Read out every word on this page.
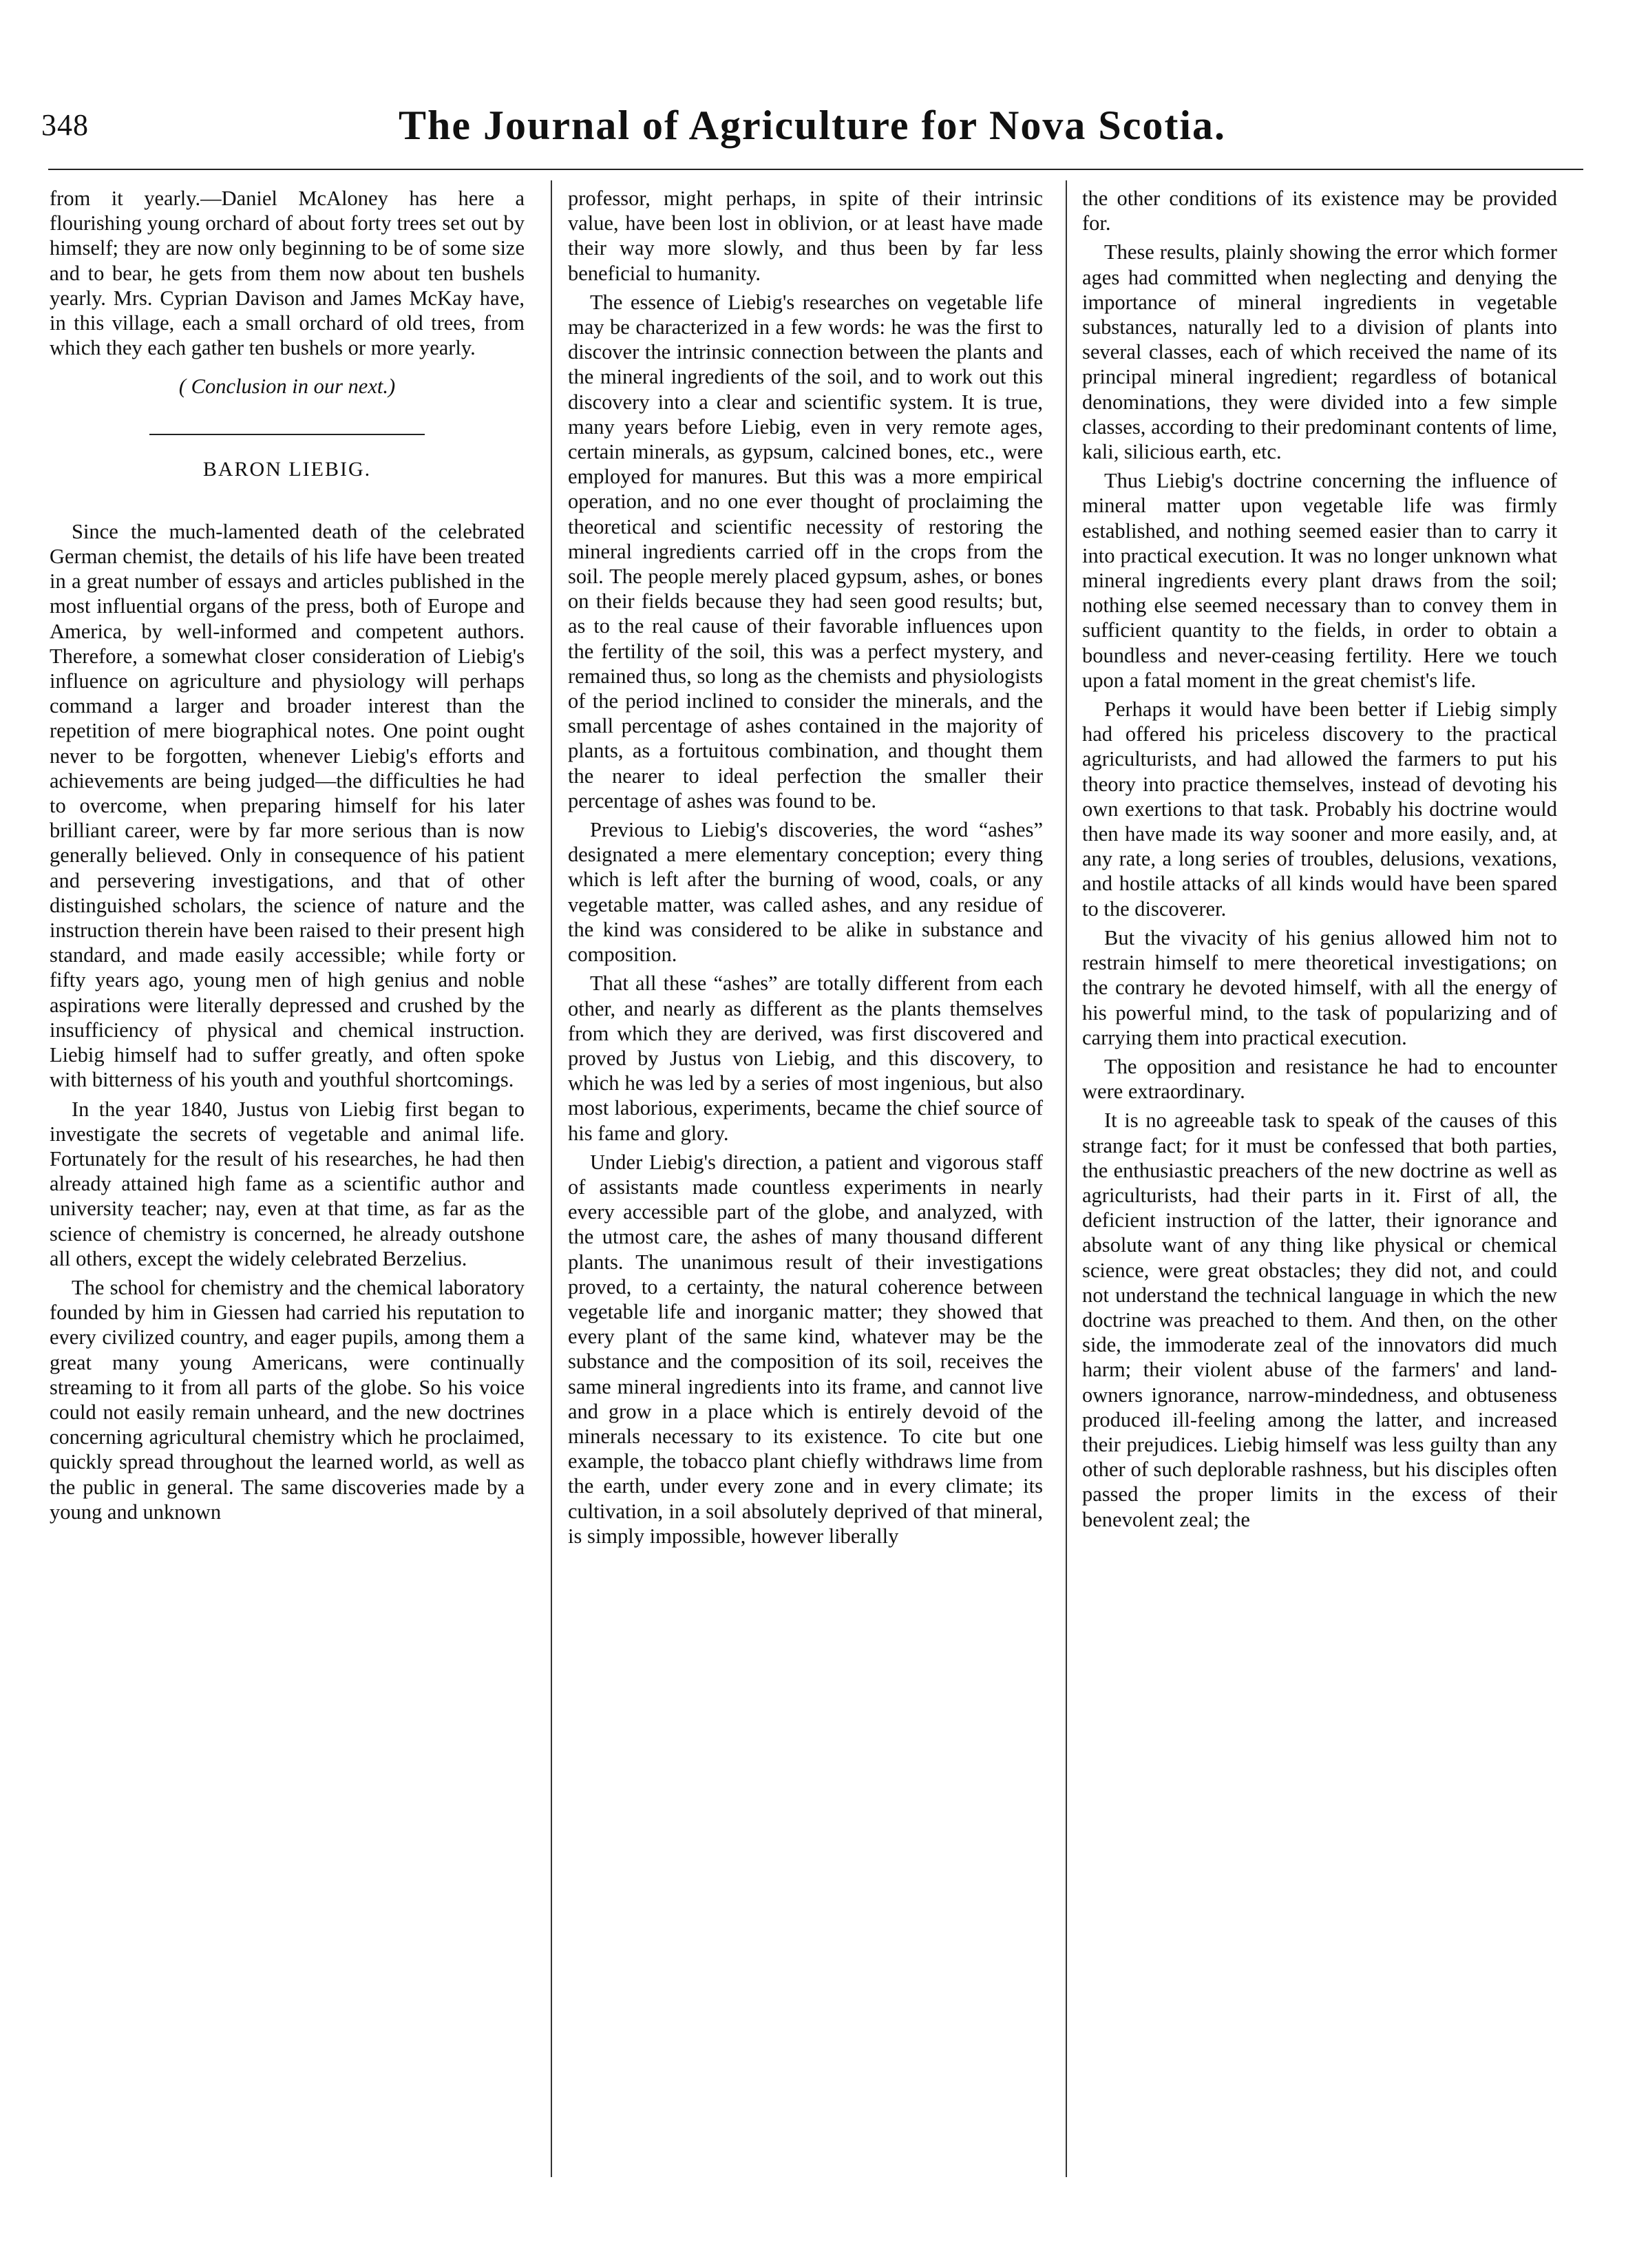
348	The Journal of Agriculture for Nova Scotia.

from it yearly.—Daniel McAloney has here a flourishing young orchard of about forty trees set out by himself; they are now only beginning to be of some size and to bear, he gets from them now about ten bushels yearly. Mrs. Cyprian Davison and James McKay have, in this village, each a small orchard of old trees, from which they each gather ten bushels or more yearly.

( Conclusion in our next.)
BARON LIEBIG.

Since the much-lamented death of the celebrated German chemist, the details of his life have been treated in a great number of essays and articles published in the most influential organs of the press, both of Europe and America, by well-informed and competent authors. Therefore, a somewhat closer consideration of Liebig's influence on agriculture and physiology will perhaps command a larger and broader interest than the repetition of mere biographical notes. One point ought never to be forgotten, whenever Liebig's efforts and achievements are being judged—the difficulties he had to overcome, when preparing himself for his later brilliant career, were by far more serious than is now generally believed. Only in consequence of his patient and persevering investigations, and that of other distinguished scholars, the science of nature and the instruction therein have been raised to their present high standard, and made easily accessible; while forty or fifty years ago, young men of high genius and noble aspirations were literally depressed and crushed by the insufficiency of physical and chemical instruction. Liebig himself had to suffer greatly, and often spoke with bitterness of his youth and youthful shortcomings.

In the year 1840, Justus von Liebig first began to investigate the secrets of vegetable and animal life. Fortunately for the result of his researches, he had then already attained high fame as a scientific author and university teacher; nay, even at that time, as far as the science of chemistry is concerned, he already outshone all others, except the widely celebrated Berzelius.

The school for chemistry and the chemical laboratory founded by him in Giessen had carried his reputation to every civilized country, and eager pupils, among them a great many young Americans, were continually streaming to it from all parts of the globe. So his voice could not easily remain unheard, and the new doctrines concerning agricultural chemistry which he proclaimed, quickly spread throughout the learned world, as well as the public in general. The same discoveries made by a young and unknown

professor, might perhaps, in spite of their intrinsic value, have been lost in oblivion, or at least have made their way more slowly, and thus been by far less beneficial to humanity.

The essence of Liebig's researches on vegetable life may be characterized in a few words: he was the first to discover the intrinsic connection between the plants and the mineral ingredients of the soil, and to work out this discovery into a clear and scientific system. It is true, many years before Liebig, even in very remote ages, certain minerals, as gypsum, calcined bones, etc., were employed for manures. But this was a more empirical operation, and no one ever thought of proclaiming the theoretical and scientific necessity of restoring the mineral ingredients carried off in the crops from the soil. The people merely placed gypsum, ashes, or bones on their fields because they had seen good results; but, as to the real cause of their favorable influences upon the fertility of the soil, this was a perfect mystery, and remained thus, so long as the chemists and physiologists of the period inclined to consider the minerals, and the small percentage of ashes contained in the majority of plants, as a fortuitous combination, and thought them the nearer to ideal perfection the smaller their percentage of ashes was found to be.

Previous to Liebig's discoveries, the word “ashes” designated a mere elementary conception; every thing which is left after the burning of wood, coals, or any vegetable matter, was called ashes, and any residue of the kind was considered to be alike in substance and composition.

That all these “ashes” are totally different from each other, and nearly as different as the plants themselves from which they are derived, was first discovered and proved by Justus von Liebig, and this discovery, to which he was led by a series of most ingenious, but also most laborious, experiments, became the chief source of his fame and glory.

Under Liebig's direction, a patient and vigorous staff of assistants made countless experiments in nearly every accessible part of the globe, and analyzed, with the utmost care, the ashes of many thousand different plants. The unanimous result of their investigations proved, to a certainty, the natural coherence between vegetable life and inorganic matter; they showed that every plant of the same kind, whatever may be the substance and the composition of its soil, receives the same mineral ingredients into its frame, and cannot live and grow in a place which is entirely devoid of the minerals necessary to its existence. To cite but one example, the tobacco plant chiefly withdraws lime from the earth, under every zone and in every climate; its cultivation, in a soil absolutely deprived of that mineral, is simply impossible, however liberally

the other conditions of its existence may be provided for.

These results, plainly showing the error which former ages had committed when neglecting and denying the importance of mineral ingredients in vegetable substances, naturally led to a division of plants into several classes, each of which received the name of its principal mineral ingredient; regardless of botanical denominations, they were divided into a few simple classes, according to their predominant contents of lime, kali, silicious earth, etc.

Thus Liebig's doctrine concerning the influence of mineral matter upon vegetable life was firmly established, and nothing seemed easier than to carry it into practical execution. It was no longer unknown what mineral ingredients every plant draws from the soil; nothing else seemed necessary than to convey them in sufficient quantity to the fields, in order to obtain a boundless and never-ceasing fertility. Here we touch upon a fatal moment in the great chemist's life.

Perhaps it would have been better if Liebig simply had offered his priceless discovery to the practical agriculturists, and had allowed the farmers to put his theory into practice themselves, instead of devoting his own exertions to that task. Probably his doctrine would then have made its way sooner and more easily, and, at any rate, a long series of troubles, delusions, vexations, and hostile attacks of all kinds would have been spared to the discoverer.

But the vivacity of his genius allowed him not to restrain himself to mere theoretical investigations; on the contrary he devoted himself, with all the energy of his powerful mind, to the task of popularizing and of carrying them into practical execution.

The opposition and resistance he had to encounter were extraordinary.

It is no agreeable task to speak of the causes of this strange fact; for it must be confessed that both parties, the enthusiastic preachers of the new doctrine as well as agriculturists, had their parts in it. First of all, the deficient instruction of the latter, their ignorance and absolute want of any thing like physical or chemical science, were great obstacles; they did not, and could not understand the technical language in which the new doctrine was preached to them. And then, on the other side, the immoderate zeal of the innovators did much harm; their violent abuse of the farmers' and land-owners ignorance, narrow-mindedness, and obtuseness produced ill-feeling among the latter, and increased their prejudices. Liebig himself was less guilty than any other of such deplorable rashness, but his disciples often passed the proper limits in the excess of their benevolent zeal; the
